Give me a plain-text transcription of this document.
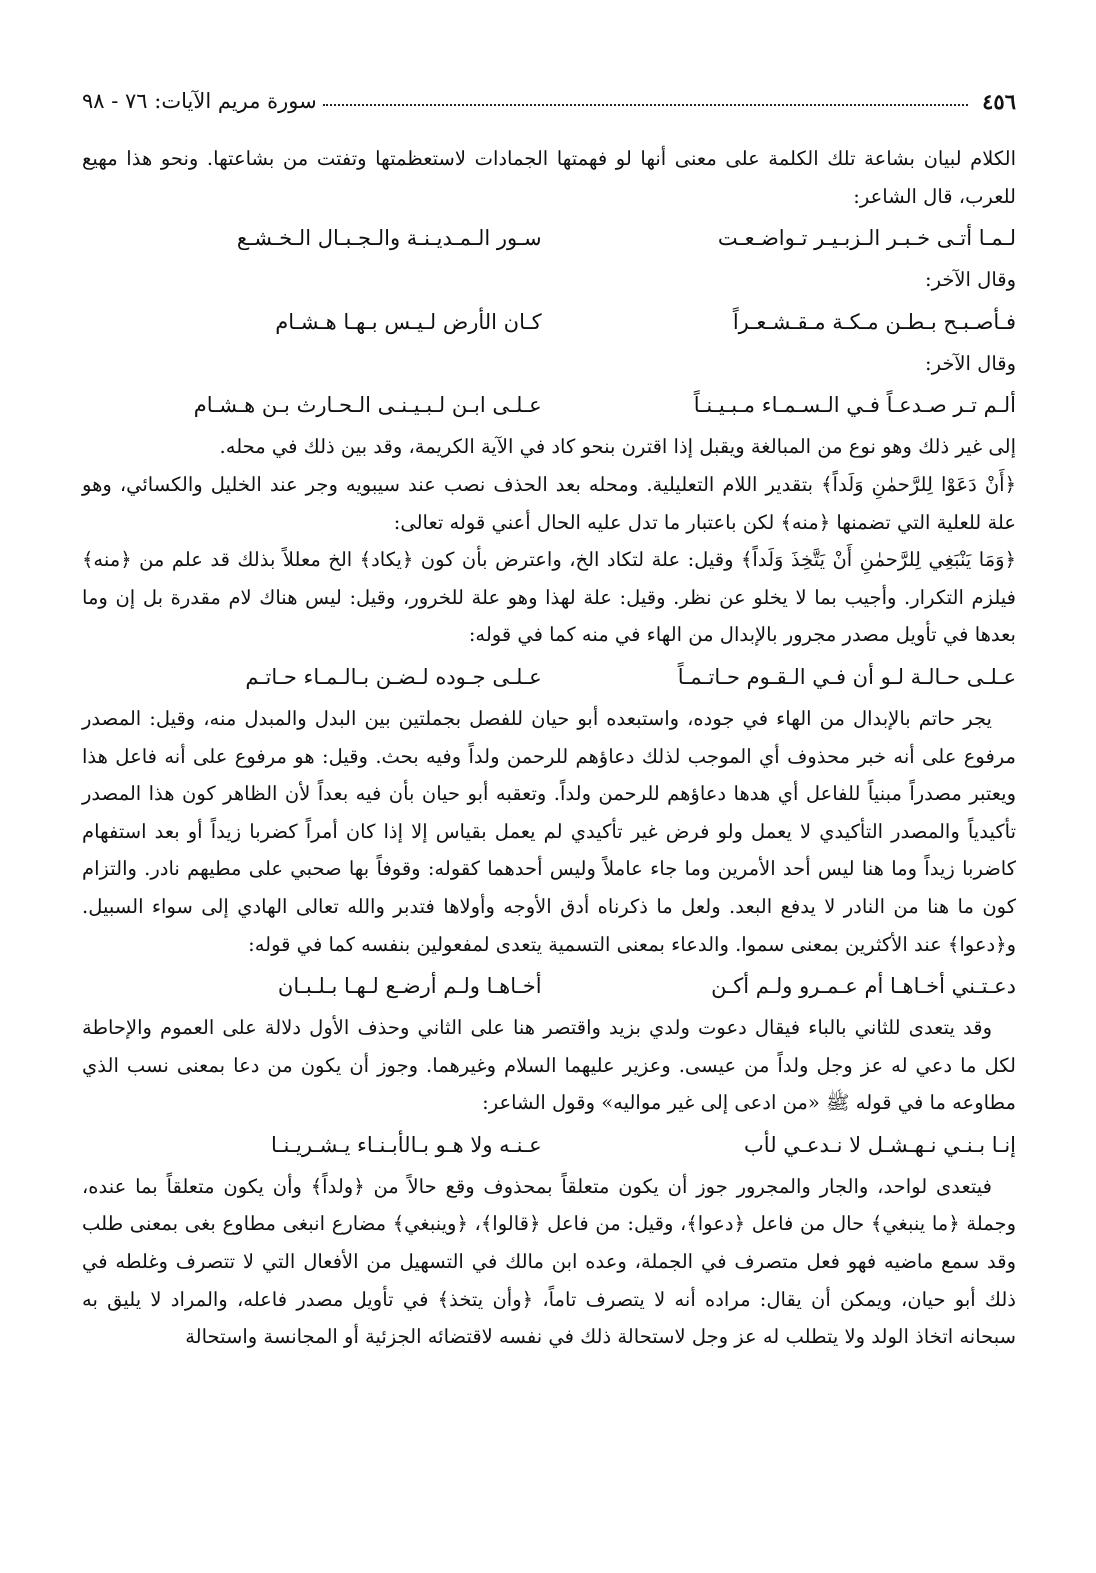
٤٥٦
سورة مريم الآيات: ٧٦ - ٩٨

الكلام لبيان بشاعة تلك الكلمة على معنى أنها لو فهمتها الجمادات لاستعظمتها وتفتت من بشاعتها. ونحو هذا مهيع للعرب، قال الشاعر:

لـمـا أتـى خـبـر الـزبـيـر تـواضـعـت
سـور الـمـديـنـة والـجـبـال الـخـشـع

وقال الآخر:

فـأصـبـح بـطـن مـكـة مـقـشـعـراً
كـان الأرض لـيـس بـهـا هـشـام

وقال الآخر:

ألـم تـر صـدعـاً فـي الـسـمـاء مـبـيـنـاً
عـلـى ابـن لـبـيـنـى الـحـارث بـن هـشـام

إلى غير ذلك وهو نوع من المبالغة ويقبل إذا اقترن بنحو كاد في الآية الكريمة، وقد بين ذلك في محله.

﴿أَنْ دَعَوْا لِلرَّحمٰنِ وَلَداً﴾ بتقدير اللام التعليلية. ومحله بعد الحذف نصب عند سيبويه وجر عند الخليل والكسائي، وهو علة للعلية التي تضمنها ﴿منه﴾ لكن باعتبار ما تدل عليه الحال أعني قوله تعالى:

﴿وَمَا يَنْبَغِي لِلرَّحمٰنِ أَنْ يَتَّخِذَ وَلَداً﴾ وقيل: علة لتكاد الخ، واعترض بأن كون ﴿يكاد﴾ الخ معللاً بذلك قد علم من ﴿منه﴾ فيلزم التكرار. وأجيب بما لا يخلو عن نظر. وقيل: علة لهذا وهو علة للخرور، وقيل: ليس هناك لام مقدرة بل إن وما بعدها في تأويل مصدر مجرور بالإبدال من الهاء في منه كما في قوله:

عـلـى حـالـة لـو أن فـي الـقـوم حـاتـمـاً
عـلـى جـوده لـضـن بـالـمـاء حـاتـم

يجر حاتم بالإبدال من الهاء في جوده، واستبعده أبو حيان للفصل بجملتين بين البدل والمبدل منه، وقيل: المصدر مرفوع على أنه خبر محذوف أي الموجب لذلك دعاؤهم للرحمن ولداً وفيه بحث. وقيل: هو مرفوع على أنه فاعل هذا ويعتبر مصدراً مبنياً للفاعل أي هدها دعاؤهم للرحمن ولداً. وتعقبه أبو حيان بأن فيه بعداً لأن الظاهر كون هذا المصدر تأكيدياً والمصدر التأكيدي لا يعمل ولو فرض غير تأكيدي لم يعمل بقياس إلا إذا كان أمراً كضربا زيداً أو بعد استفهام كاضربا زيداً وما هنا ليس أحد الأمرين وما جاء عاملاً وليس أحدهما كقوله: وقوفاً بها صحبي على مطيهم نادر. والتزام كون ما هنا من النادر لا يدفع البعد. ولعل ما ذكرناه أدق الأوجه وأولاها فتدبر والله تعالى الهادي إلى سواء السبيل. و﴿دعوا﴾ عند الأكثرين بمعنى سموا. والدعاء بمعنى التسمية يتعدى لمفعولين بنفسه كما في قوله:

دعـتـني أخـاهـا أم عـمـرو ولـم أكـن
أخـاهـا ولـم أرضـع لـهـا بـلـبـان

وقد يتعدى للثاني بالباء فيقال دعوت ولدي بزيد واقتصر هنا على الثاني وحذف الأول دلالة على العموم والإحاطة لكل ما دعي له عز وجل ولداً من عيسى. وعزير عليهما السلام وغيرهما. وجوز أن يكون من دعا بمعنى نسب الذي مطاوعه ما في قوله ﷺ «من ادعى إلى غير مواليه» وقول الشاعر:

إنـا بـنـي نـهـشـل لا نـدعـي لأب
عـنـه ولا هـو بـالأبـنـاء يـشـريـنـا

فيتعدى لواحد، والجار والمجرور جوز أن يكون متعلقاً بمحذوف وقع حالاً من ﴿ولداً﴾ وأن يكون متعلقاً بما عنده، وجملة ﴿ما ينبغي﴾ حال من فاعل ﴿دعوا﴾، وقيل: من فاعل ﴿قالوا﴾، ﴿وينبغي﴾ مضارع انبغى مطاوع بغى بمعنى طلب وقد سمع ماضيه فهو فعل متصرف في الجملة، وعده ابن مالك في التسهيل من الأفعال التي لا تتصرف وغلطه في ذلك أبو حيان، ويمكن أن يقال: مراده أنه لا يتصرف تاماً، ﴿وأن يتخذ﴾ في تأويل مصدر فاعله، والمراد لا يليق به سبحانه اتخاذ الولد ولا يتطلب له عز وجل لاستحالة ذلك في نفسه لاقتضائه الجزئية أو المجانسة واستحالة
